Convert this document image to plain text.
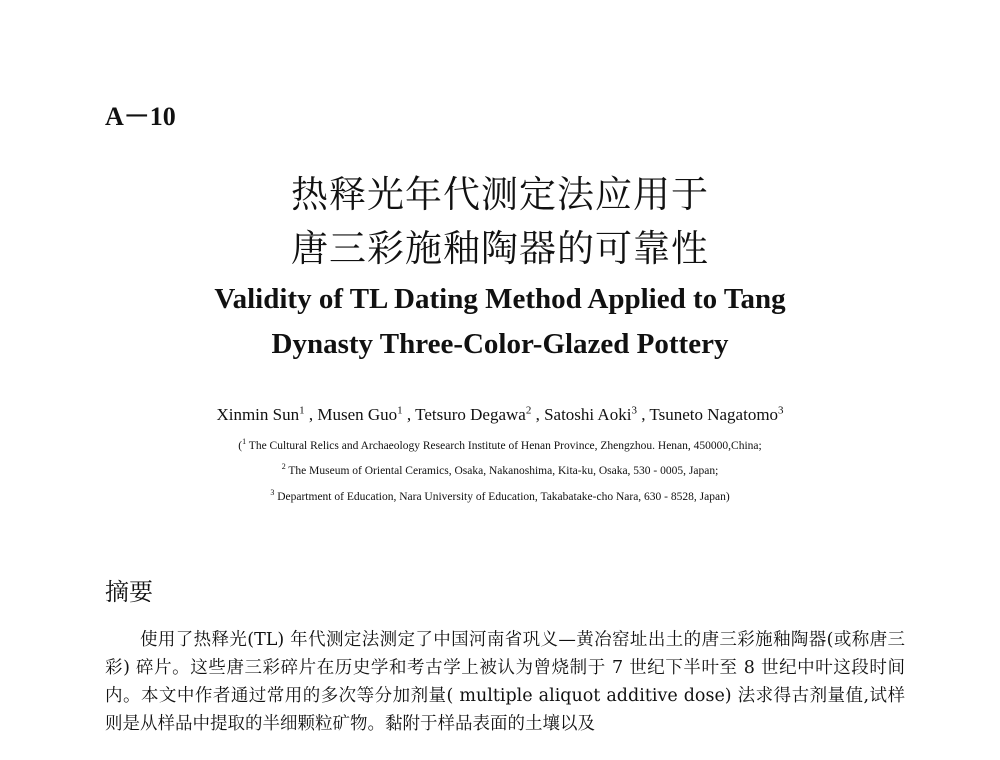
A－10
热释光年代测定法应用于
唐三彩施釉陶器的可靠性
Validity of TL Dating Method Applied to Tang
Dynasty Three-Color-Glazed Pottery
Xinmin Sun$^1$ , Musen Guo$^1$ , Tetsuro Degawa$^2$ , Satoshi Aoki$^3$ , Tsuneto Nagatomo$^3$
($^1$ The Cultural Relics and Archaeology Research Institute of Henan Province, Zhengzhou. Henan, 450000,China;
$^2$ The Museum of Oriental Ceramics, Osaka, Nakanoshima, Kita-ku, Osaka, 530 - 0005, Japan;
$^3$ Department of Education, Nara University of Education, Takabatake-cho Nara, 630 - 8528, Japan)
摘要
使用了热释光(TL) 年代测定法测定了中国河南省巩义—黄冶窑址出土的唐三彩施釉陶器(或称唐三彩) 碎片。这些唐三彩碎片在历史学和考古学上被认为曾烧制于 7 世纪下半叶至 8 世纪中叶这段时间内。本文中作者通过常用的多次等分加剂量( multiple aliquot additive dose) 法求得古剂量值,试样则是从样品中提取的半细颗粒矿物。黏附于样品表面的土壤以及
